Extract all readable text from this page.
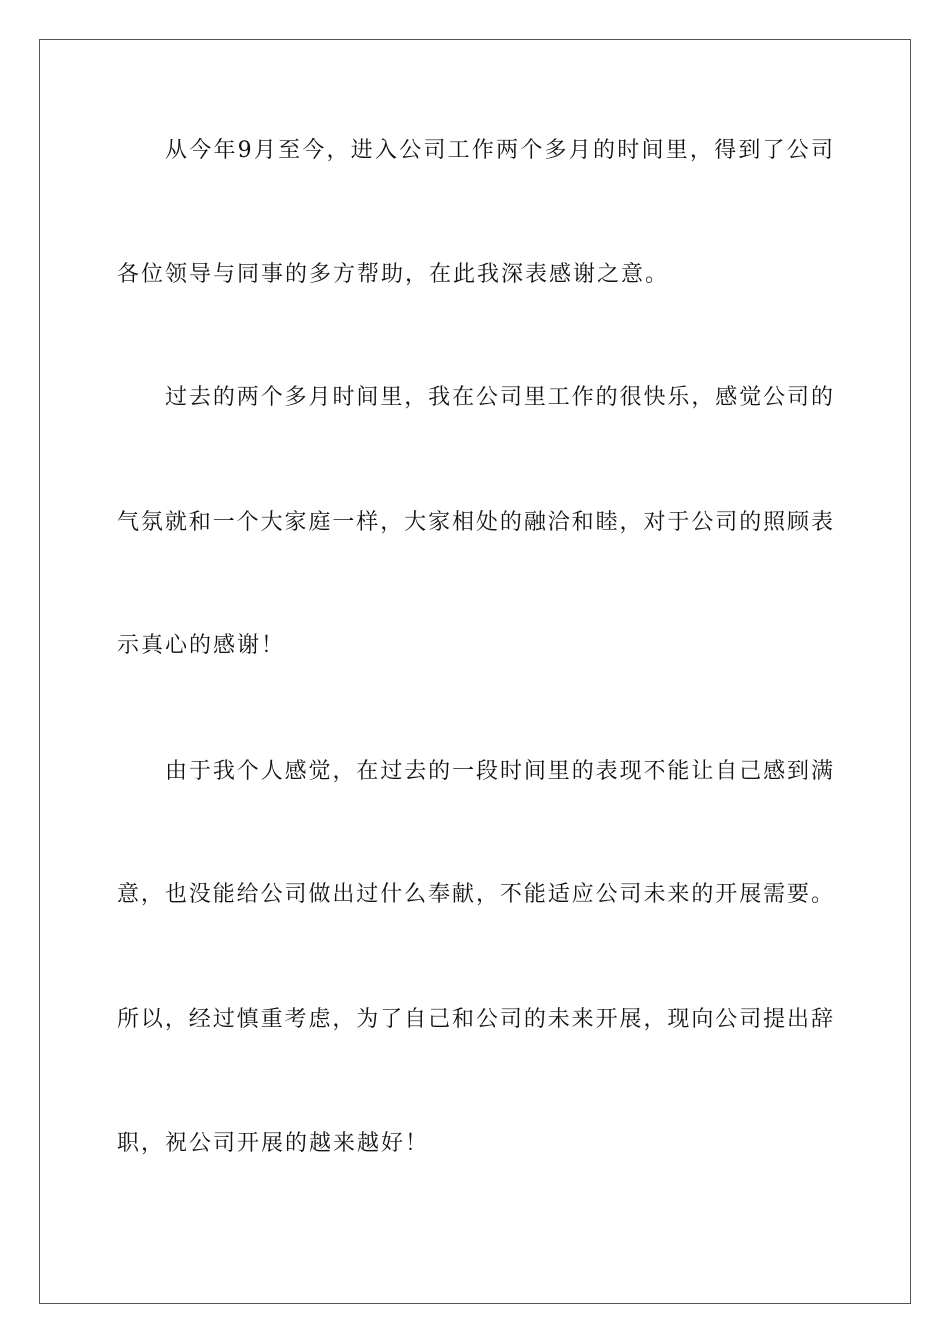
从今年9月至今，进入公司工作两个多月的时间里，得到了公司
各位领导与同事的多方帮助，在此我深表感谢之意。
过去的两个多月时间里，我在公司里工作的很快乐，感觉公司的
气氛就和一个大家庭一样，大家相处的融洽和睦，对于公司的照顾表
示真心的感谢！
由于我个人感觉，在过去的一段时间里的表现不能让自己感到满
意，也没能给公司做出过什么奉献，不能适应公司未来的开展需要。
所以，经过慎重考虑，为了自己和公司的未来开展，现向公司提出辞
职，祝公司开展的越来越好！
